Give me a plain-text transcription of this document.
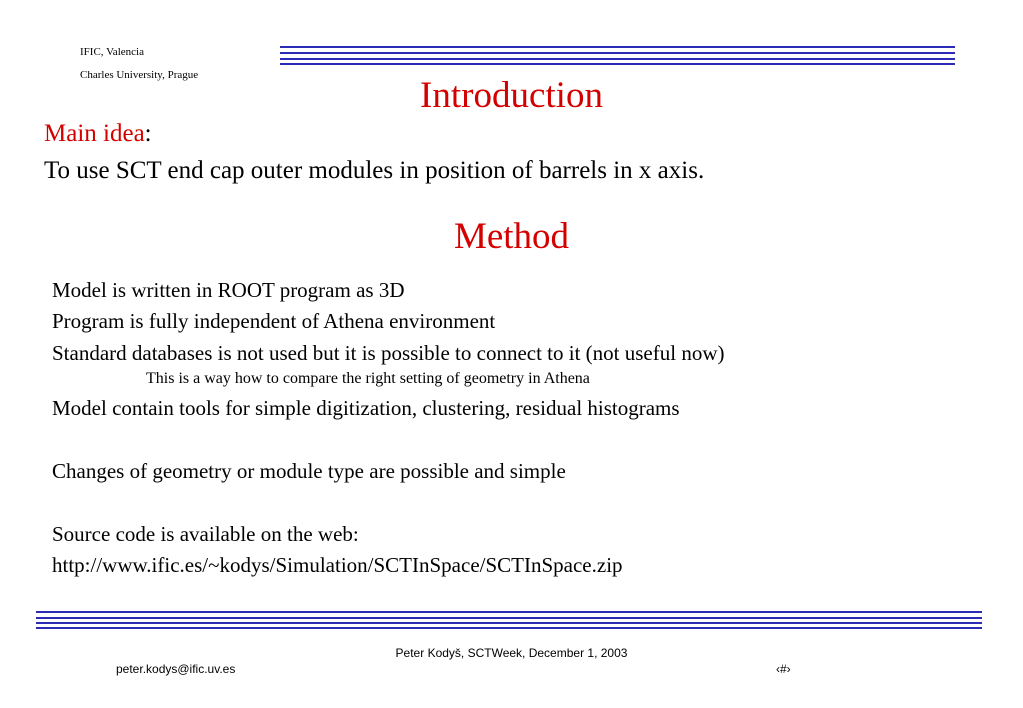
IFIC, Valencia
Charles University, Prague	Introduction
Main idea:
To use SCT end cap outer modules in position of barrels in x axis.
Method
Model is written in ROOT program as 3D
Program is fully independent of Athena environment
Standard databases is not used but it is possible to connect to it (not useful now)
This is a way how to compare the right setting of geometry in Athena
Model contain tools for simple digitization, clustering, residual histograms
Changes of geometry or module type are possible and simple
Source code is available on the web:
http://www.ific.es/~kodys/Simulation/SCTInSpace/SCTInSpace.zip
Peter Kodyš, SCTWeek, December 1, 2003
peter.kodys@ific.uv.es	‹#›
